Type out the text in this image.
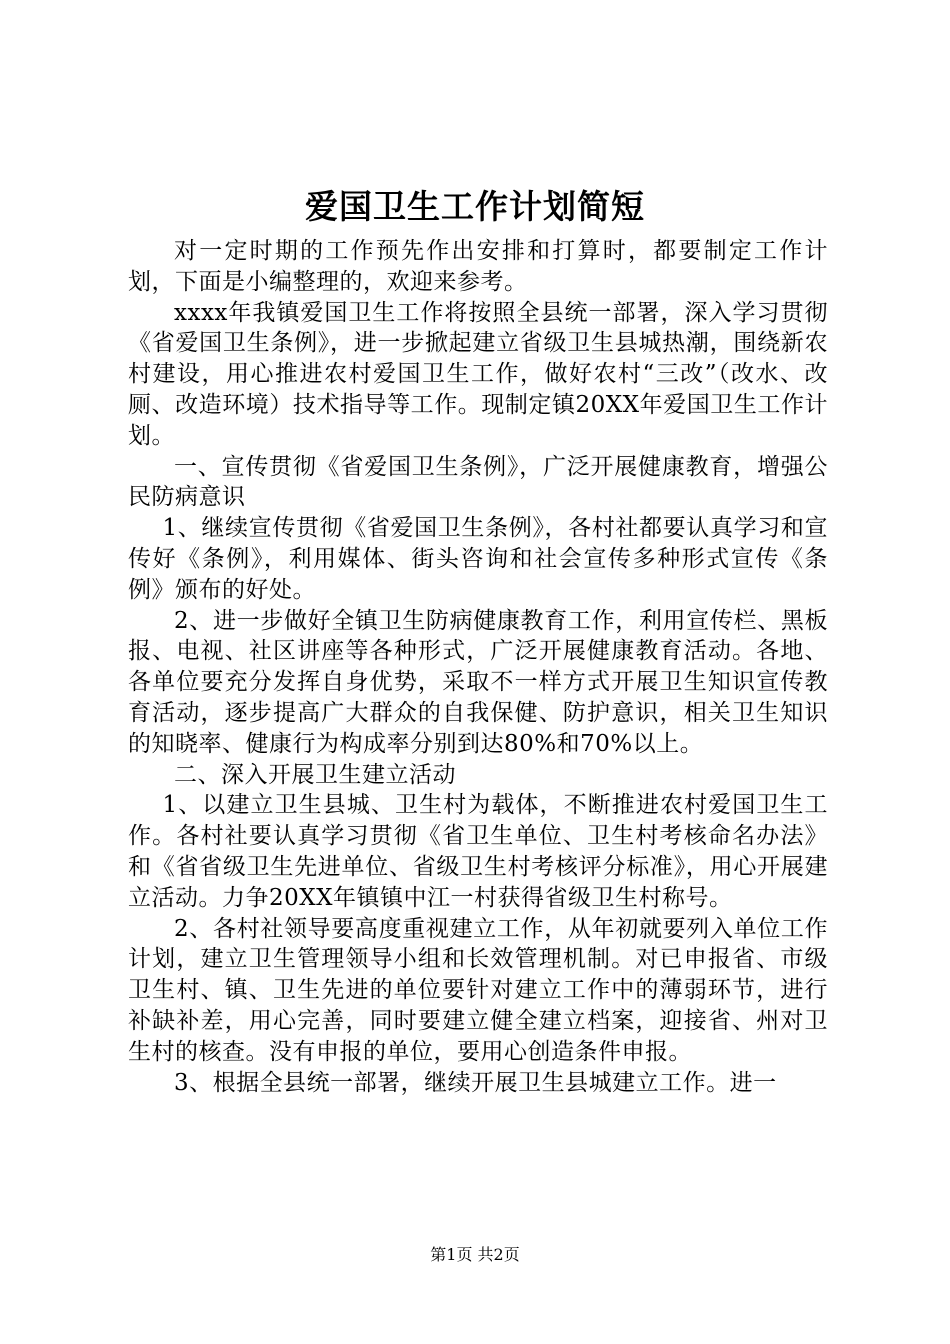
爱国卫生工作计划简短

对一定时期的工作预先作出安排和打算时，都要制定工作计划，下面是小编整理的，欢迎来参考。

xxxx年我镇爱国卫生工作将按照全县统一部署，深入学习贯彻《省爱国卫生条例》，进一步掀起建立省级卫生县城热潮，围绕新农村建设，用心推进农村爱国卫生工作，做好农村“三改”（改水、改厕、改造环境）技术指导等工作。现制定镇20XX年爱国卫生工作计划。

一、宣传贯彻《省爱国卫生条例》，广泛开展健康教育，增强公民防病意识

1、继续宣传贯彻《省爱国卫生条例》，各村社都要认真学习和宣传好《条例》，利用媒体、街头咨询和社会宣传多种形式宣传《条例》颁布的好处。

2、进一步做好全镇卫生防病健康教育工作，利用宣传栏、黑板报、电视、社区讲座等各种形式，广泛开展健康教育活动。各地、各单位要充分发挥自身优势，采取不一样方式开展卫生知识宣传教育活动，逐步提高广大群众的自我保健、防护意识，相关卫生知识的知晓率、健康行为构成率分别到达80%和70%以上。

二、深入开展卫生建立活动

1、以建立卫生县城、卫生村为载体，不断推进农村爱国卫生工作。各村社要认真学习贯彻《省卫生单位、卫生村考核命名办法》和《省省级卫生先进单位、省级卫生村考核评分标准》，用心开展建立活动。力争20XX年镇镇中江一村获得省级卫生村称号。

2、各村社领导要高度重视建立工作，从年初就要列入单位工作计划，建立卫生管理领导小组和长效管理机制。对已申报省、市级卫生村、镇、卫生先进的单位要针对建立工作中的薄弱环节，进行补缺补差，用心完善，同时要建立健全建立档案，迎接省、州对卫生村的核查。没有申报的单位，要用心创造条件申报。

3、根据全县统一部署，继续开展卫生县城建立工作。进一

第1页 共2页
